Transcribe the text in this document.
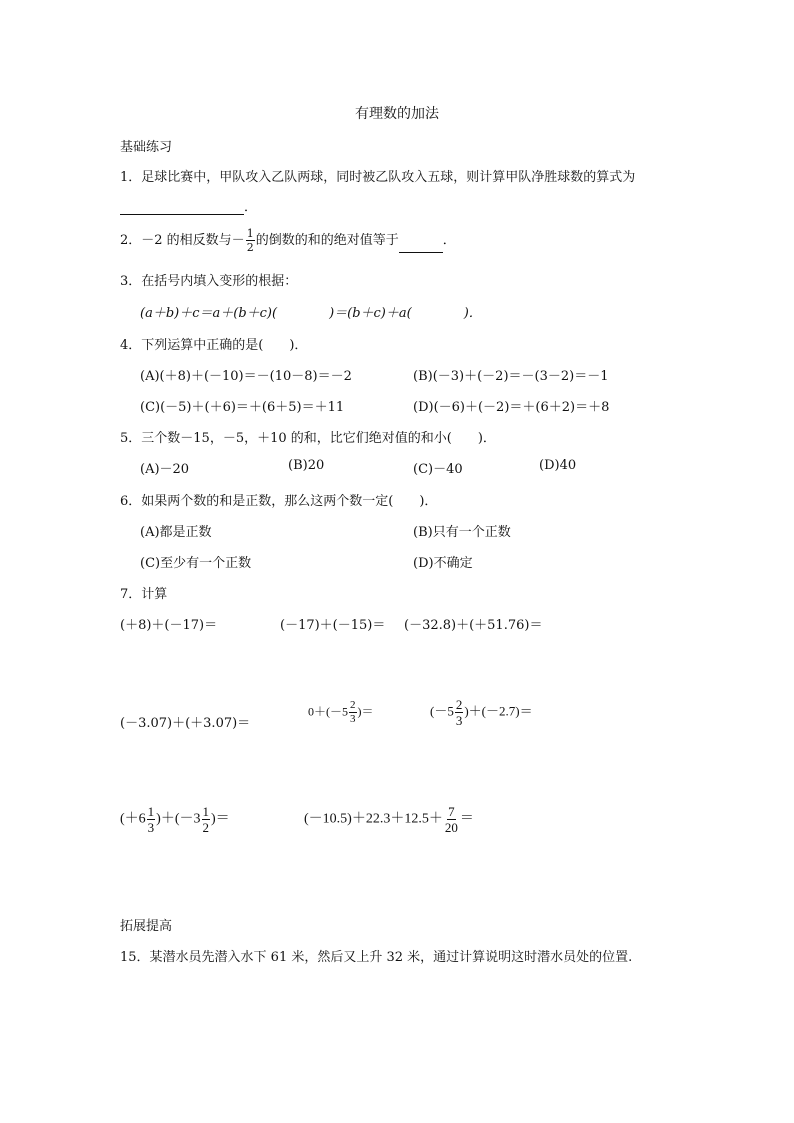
有理数的加法
基础练习
1．足球比赛中，甲队攻入乙队两球，同时被乙队攻入五球，则计算甲队净胜球数的算式为
．
2．－2 的相反数与－ $\frac{1}{2}$ 的倒数的和的绝对值等于	．
3．在括号内填入变形的根据：
(a＋b)＋c＝a＋(b＋c)(　　　　)＝(b＋c)＋a(　　　　)．
4．下列运算中正确的是(　　)．
(A)(＋8)＋(－10)＝－(10－8)＝－2	(B)(－3)＋(－2)＝－(3－2)＝－1
(C)(－5)＋(＋6)＝＋(6＋5)＝＋11	(D)(－6)＋(－2)＝＋(6＋2)＝＋8
5．三个数－15，－5，＋10 的和，比它们绝对值的和小(　　)．
(A)－20	(B)20	(C)－40	(D)40
6．如果两个数的和是正数，那么这两个数一定(　　)．
(A)都是正数	(B)只有一个正数
(C)至少有一个正数	(D)不确定
7．计算
(＋8)＋(－17)＝	(－17)＋(－15)＝ (－32.8)＋(＋51.76)＝
(－3.07)＋(＋3.07)＝
$0+(-5 \frac{2}{3}$ )＝	$(-5 \frac{2}{3} )+(-2.7)=$
$(+6 \frac{1}{3} )+(-3 \frac{1}{2}$ )＝	$(-10.5)+22.3+12.5+ \frac{7}{20}$ ＝
拓展提高
15．某潜水员先潜入水下 61 米，然后又上升 32 米，通过计算说明这时潜水员处的位置.
